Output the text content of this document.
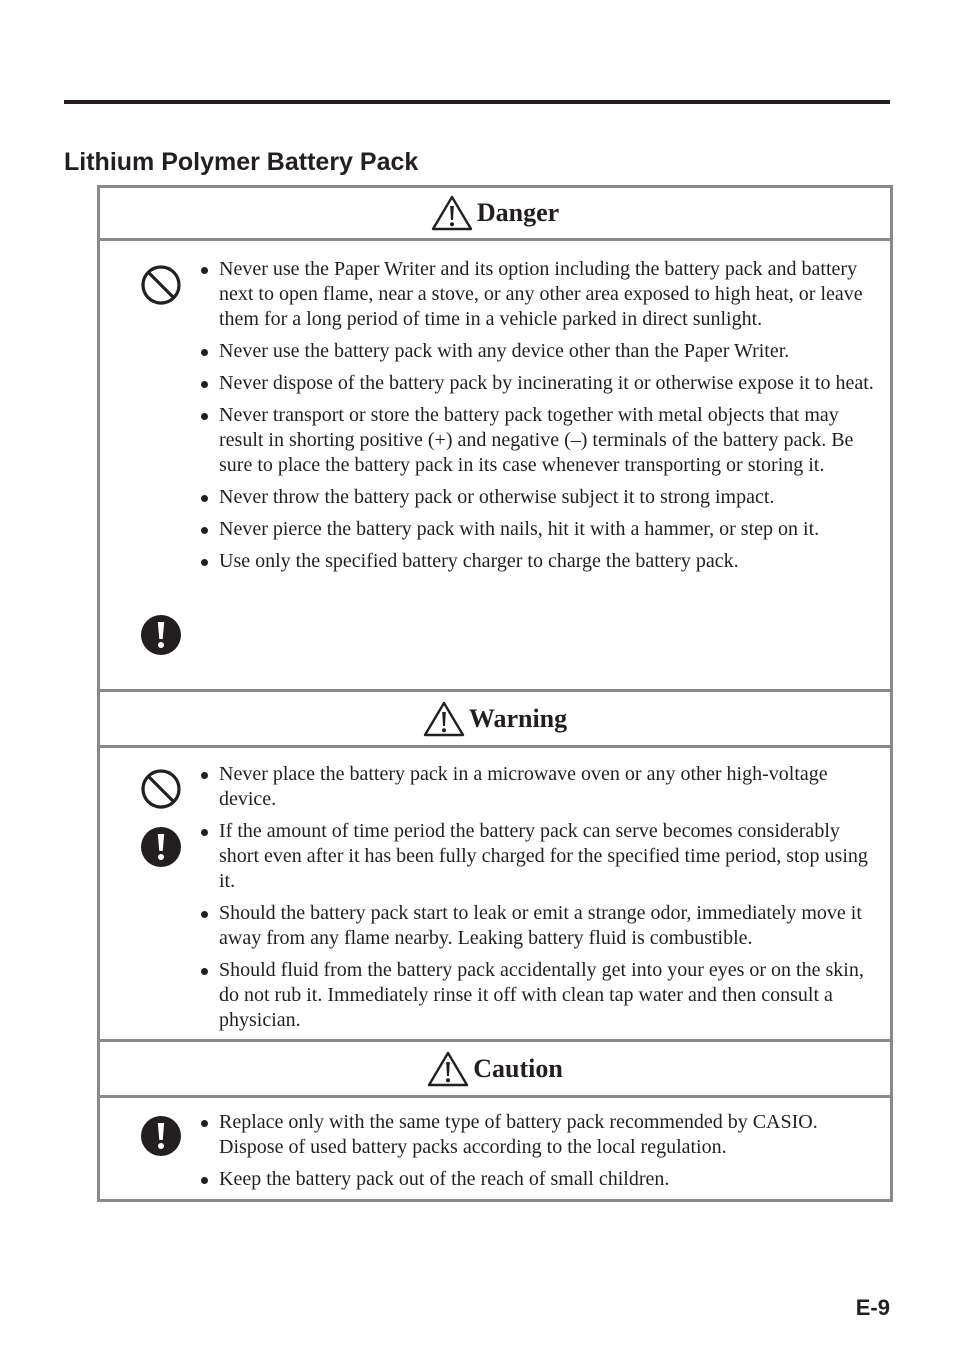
Lithium Polymer Battery Pack
Danger
Never use the Paper Writer and its option including the battery pack and battery next to open flame, near a stove, or any other area exposed to high heat, or leave them for a long period of time in a vehicle parked in direct sunlight.
Never use the battery pack with any device other than the Paper Writer.
Never dispose of the battery pack by incinerating it or otherwise expose it to heat.
Never transport or store the battery pack together with metal objects that may result in shorting positive (+) and negative (–) terminals of the battery pack. Be sure to place the battery pack in its case whenever transporting or storing it.
Never throw the battery pack or otherwise subject it to strong impact.
Never pierce the battery pack with nails, hit it with a hammer, or step on it.
Use only the specified battery charger to charge the battery pack.
Warning
Never place the battery pack in a microwave oven or any other high-voltage device.
If the amount of time period the battery pack can serve becomes considerably short even after it has been fully charged for the specified time period, stop using it.
Should the battery pack start to leak or emit a strange odor, immediately move it away from any flame nearby. Leaking battery fluid is combustible.
Should fluid from the battery pack accidentally get into your eyes or on the skin, do not rub it. Immediately rinse it off with clean tap water and then consult a physician.
Caution
Replace only with the same type of battery pack recommended by CASIO. Dispose of used battery packs according to the local regulation.
Keep the battery pack out of the reach of small children.
E-9
